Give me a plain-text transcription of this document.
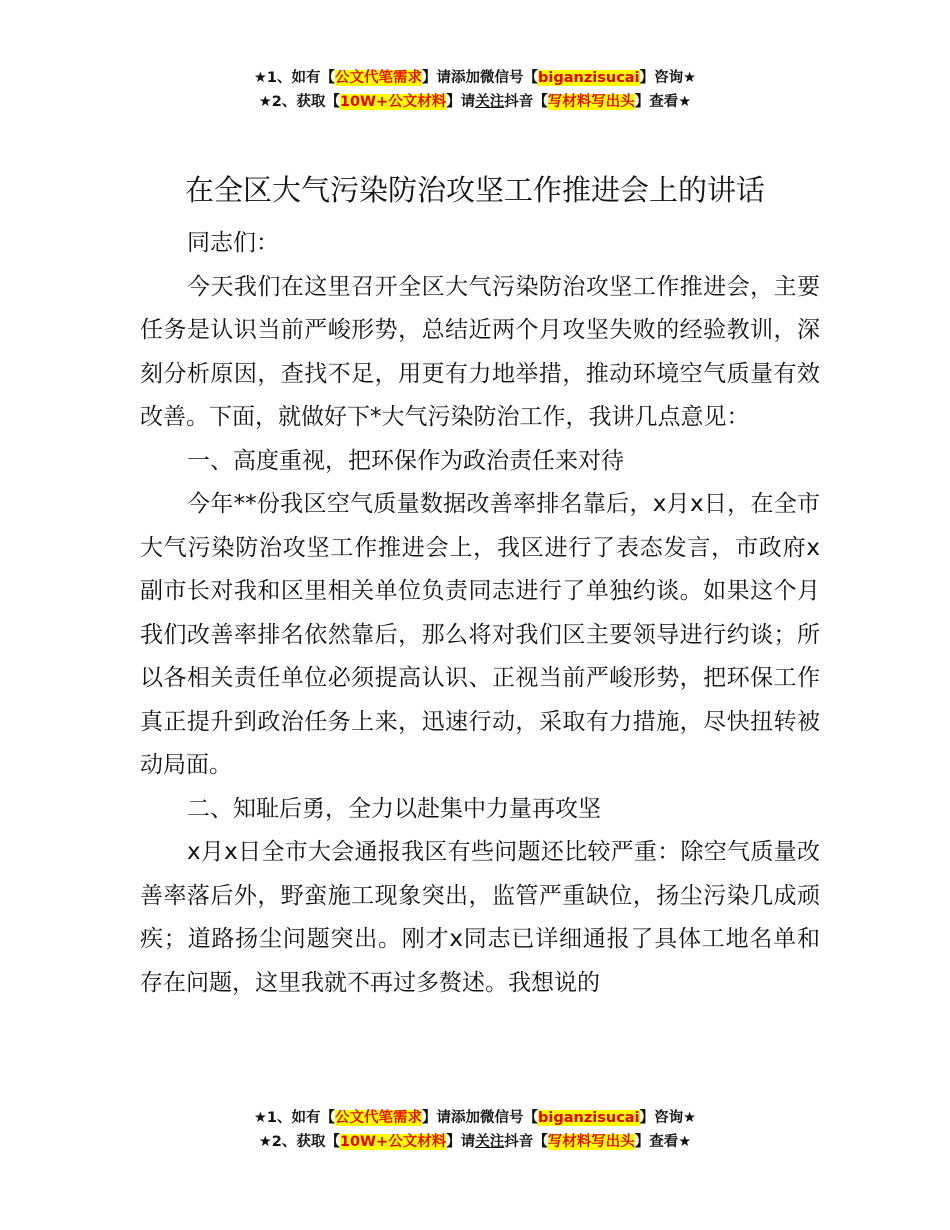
★1、如有【公文代笔需求】请添加微信号【biganzisucai】咨询★
★2、获取【10W+公文材料】请关注抖音【写材料写出头】查看★
在全区大气污染防治攻坚工作推进会上的讲话

同志们：

今天我们在这里召开全区大气污染防治攻坚工作推进会，主要任务是认识当前严峻形势，总结近两个月攻坚失败的经验教训，深刻分析原因，查找不足，用更有力地举措，推动环境空气质量有效改善。下面，就做好下*大气污染防治工作，我讲几点意见：

一、高度重视，把环保作为政治责任来对待

今年**份我区空气质量数据改善率排名靠后，x月x日，在全市大气污染防治攻坚工作推进会上，我区进行了表态发言，市政府x副市长对我和区里相关单位负责同志进行了单独约谈。如果这个月我们改善率排名依然靠后，那么将对我们区主要领导进行约谈；所以各相关责任单位必须提高认识、正视当前严峻形势，把环保工作真正提升到政治任务上来，迅速行动，采取有力措施，尽快扭转被动局面。

二、知耻后勇，全力以赴集中力量再攻坚

x月x日全市大会通报我区有些问题还比较严重：除空气质量改善率落后外，野蛮施工现象突出，监管严重缺位，扬尘污染几成顽疾；道路扬尘问题突出。刚才x同志已详细通报了具体工地名单和存在问题，这里我就不再过多赘述。我想说的

★1、如有【公文代笔需求】请添加微信号【biganzisucai】咨询★
★2、获取【10W+公文材料】请关注抖音【写材料写出头】查看★
